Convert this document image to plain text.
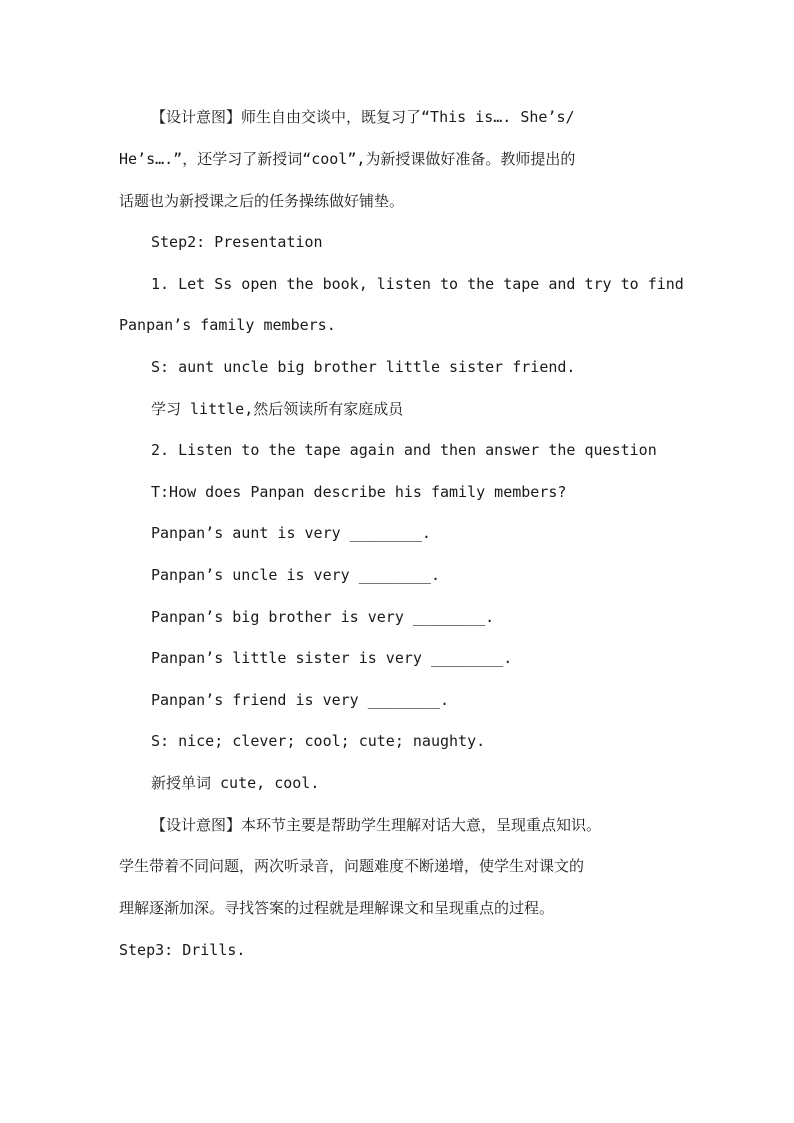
【设计意图】师生自由交谈中，既复习了“This is…. She’s/
He’s….”，还学习了新授词“cool”,为新授课做好准备。教师提出的
话题也为新授课之后的任务操练做好铺垫。
Step2: Presentation
1. Let Ss open the book, listen to the tape and try to find
Panpan’s family members.
S: aunt uncle big brother little sister friend.
学习 little,然后领读所有家庭成员
2. Listen to the tape again and then answer the question
T:How does Panpan describe his family members?
Panpan’s aunt is very ________.
Panpan’s uncle is very ________.
Panpan’s big brother is very ________.
Panpan’s little sister is very ________.
Panpan’s friend is very ________.
S: nice; clever; cool; cute; naughty.
新授单词 cute, cool.
【设计意图】本环节主要是帮助学生理解对话大意，呈现重点知识。
学生带着不同问题，两次听录音，问题难度不断递增，使学生对课文的
理解逐渐加深。寻找答案的过程就是理解课文和呈现重点的过程。
Step3: Drills.
